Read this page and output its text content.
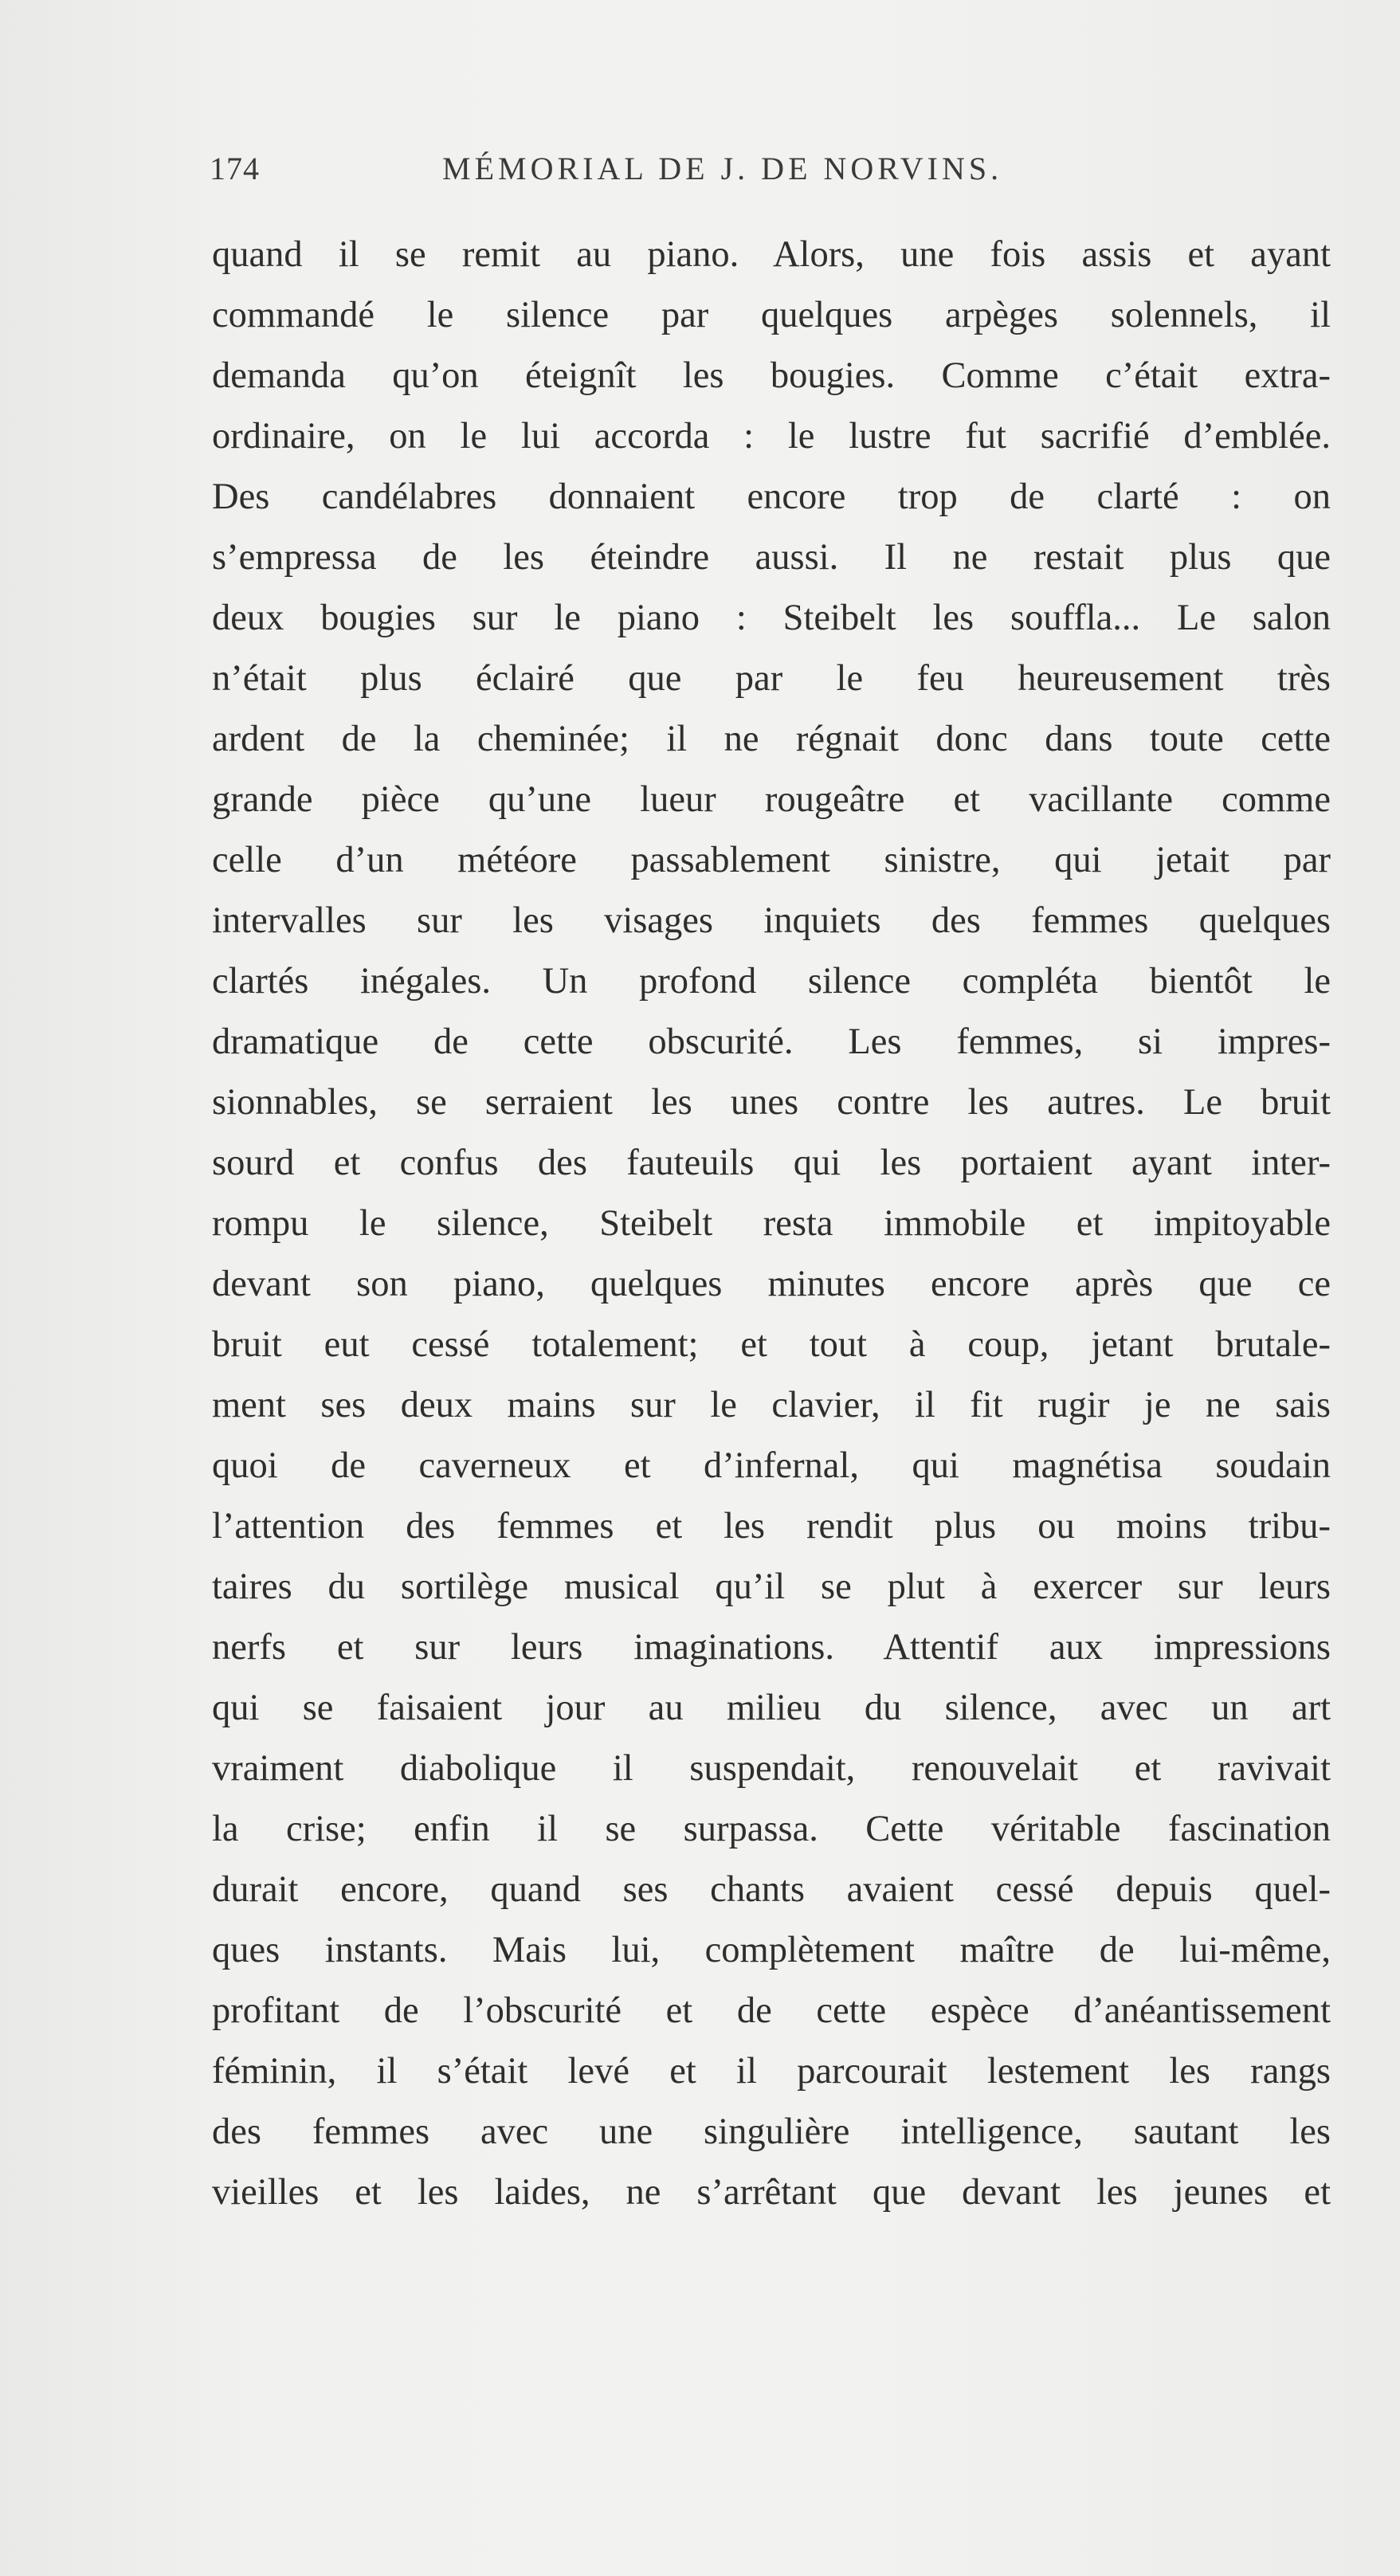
174	MÉMORIAL DE J. DE NORVINS.
quand il se remit au piano. Alors, une fois assis et ayant
commandé le silence par quelques arpèges solennels, il
demanda qu’on éteignît les bougies. Comme c’était extra-
ordinaire, on le lui accorda : le lustre fut sacrifié d’emblée.
Des candélabres donnaient encore trop de clarté : on
s’empressa de les éteindre aussi. Il ne restait plus que
deux bougies sur le piano : Steibelt les souffla... Le salon
n’était plus éclairé que par le feu heureusement très
ardent de la cheminée; il ne régnait donc dans toute cette
grande pièce qu’une lueur rougeâtre et vacillante comme
celle d’un météore passablement sinistre, qui jetait par
intervalles sur les visages inquiets des femmes quelques
clartés inégales. Un profond silence compléta bientôt le
dramatique de cette obscurité. Les femmes, si impres-
sionnables, se serraient les unes contre les autres. Le bruit
sourd et confus des fauteuils qui les portaient ayant inter-
rompu le silence, Steibelt resta immobile et impitoyable
devant son piano, quelques minutes encore après que ce
bruit eut cessé totalement; et tout à coup, jetant brutale-
ment ses deux mains sur le clavier, il fit rugir je ne sais
quoi de caverneux et d’infernal, qui magnétisa soudain
l’attention des femmes et les rendit plus ou moins tribu-
taires du sortilège musical qu’il se plut à exercer sur leurs
nerfs et sur leurs imaginations. Attentif aux impressions
qui se faisaient jour au milieu du silence, avec un art
vraiment diabolique il suspendait, renouvelait et ravivait
la crise; enfin il se surpassa. Cette véritable fascination
durait encore, quand ses chants avaient cessé depuis quel-
ques instants. Mais lui, complètement maître de lui-même,
profitant de l’obscurité et de cette espèce d’anéantissement
féminin, il s’était levé et il parcourait lestement les rangs
des femmes avec une singulière intelligence, sautant les
vieilles et les laides, ne s’arrêtant que devant les jeunes et
